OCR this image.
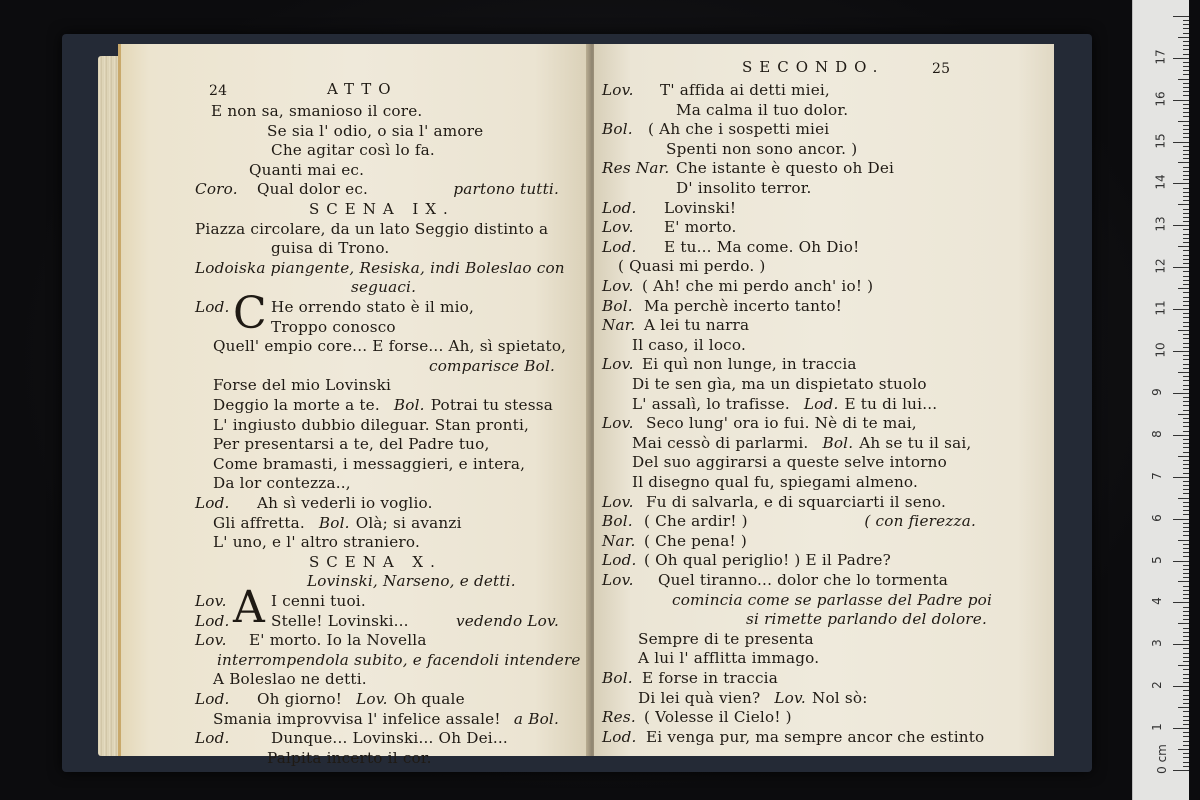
24	ATTO
E non sa, smanioso il core.
Se sia l' odio, o sia l' amore
Che agitar così lo fa.
Quanti mai ec.
Coro. Qual dolor ec.	partono tutti.
SCENA IX.
Piazza circolare, da un lato Seggio distinto a
guisa di Trono.
Lodoiska piangente, Resiska, indi Boleslao con
seguaci.
Lod. C He orrendo stato è il mio,
Troppo conosco
Quell' empio core... E forse... Ah, sì spietato,
comparisce Bol.
Forse del mio Lovinski
Deggio la morte a te. Bol. Potrai tu stessa
L' ingiusto dubbio dileguar. Stan pronti,
Per presentarsi a te, del Padre tuo,
Come bramasti, i messaggieri, e intera,
Da lor contezza..,
Lod. Ah sì vederli io voglio.
Gli affretta. Bol. Olà; si avanzi
L' uno, e l' altro straniero.
SCENA X.
Lovinski, Narseno, e detti.
Lov. A I cenni tuoi.
Lod.	Stelle! Lovinski...	vedendo Lov.
Lov. E' morto. Io la Novella
interrompendola subito, e facendoli intendere
A Boleslao ne detti.
Lod. Oh giorno! Lov. Oh quale
Smania improvvisa l' infelice assale! a Bol.
Lod.	Dunque... Lovinski... Oh Dei...
Palpita incerto il cor.
SECONDO.	25
Lov. T' affida ai detti miei,
Ma calma il tuo dolor.
Bol. ( Ah che i sospetti miei
Spenti non sono ancor. )
Res Nar. Che istante è questo oh Dei
D' insolito terror.
Lod. Lovinski!
Lov. E' morto.
Lod. E tu... Ma come. Oh Dio!
( Quasi mi perdo. )
Lov. ( Ah! che mi perdo anch' io! )
Bol. Ma perchè incerto tanto!
Nar. A lei tu narra
Il caso, il loco.
Lov. Ei quì non lunge, in traccia
Di te sen gìa, ma un dispietato stuolo
L' assalì, lo trafisse. Lod. E tu di lui...
Lov. Seco lung' ora io fui. Nè di te mai,
Mai cessò di parlarmi. Bol. Ah se tu il sai,
Del suo aggirarsi a queste selve intorno
Il disegno qual fu, spiegami almeno.
Lov. Fu di salvarla, e di squarciarti il seno.
Bol. ( Che ardir! )	( con fierezza.
Nar. ( Che pena! )
Lod. ( Oh qual periglio! ) E il Padre?
Lov. Quel tiranno... dolor che lo tormenta
comincia come se parlasse del Padre poi
si rimette parlando del dolore.
Sempre di te presenta
A lui l' afflitta immago.
Bol. E forse in traccia
Di lei quà vien? Lov. Nol sò:
Res. ( Volesse il Cielo! )
Lod. Ei venga pur, ma sempre ancor che estinto
0 cm
1
2
3
4
5
6
7
8
9
10
11
12
13
14
15
16
17
